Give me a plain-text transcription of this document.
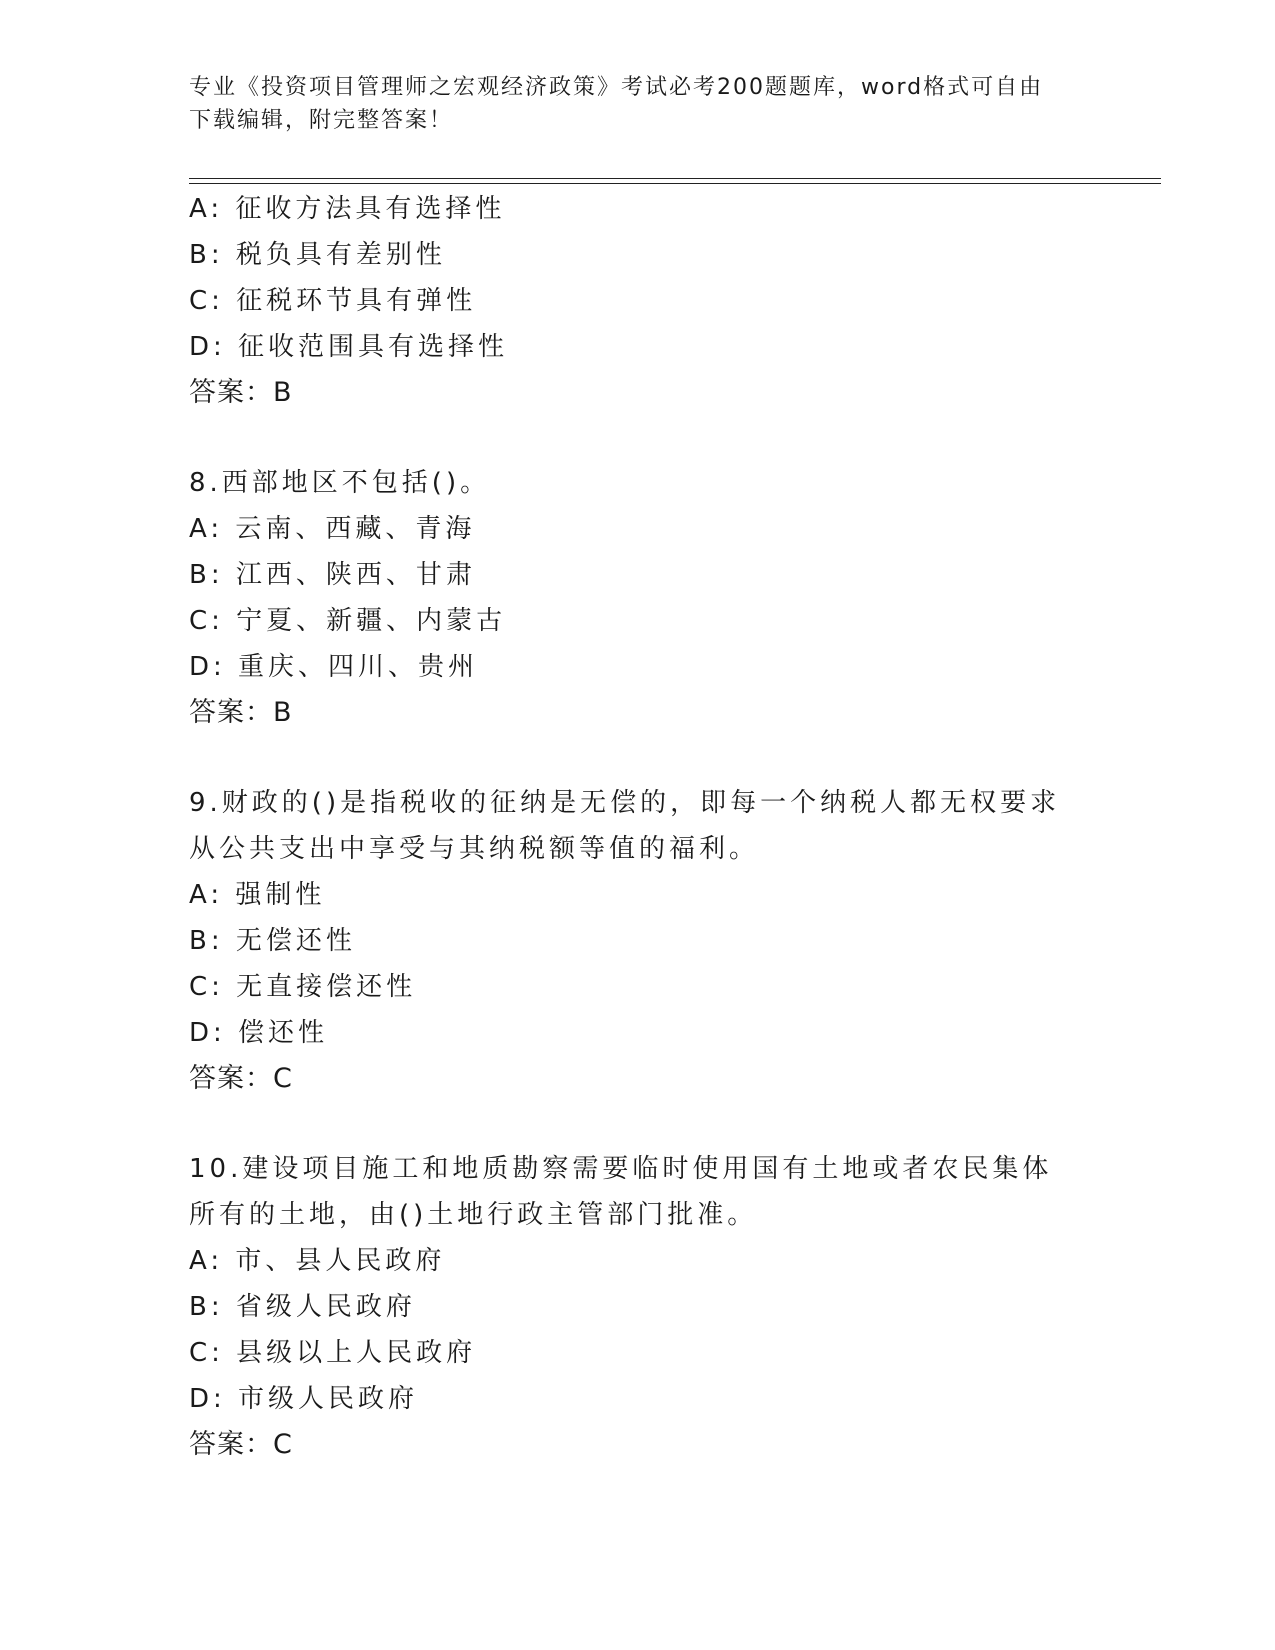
专业《投资项目管理师之宏观经济政策》考试必考200题题库，word格式可自由
下载编辑，附完整答案！
A: 征收方法具有选择性
B: 税负具有差别性
C: 征税环节具有弹性
D: 征收范围具有选择性
答案：B
8.西部地区不包括()。
A: 云南、西藏、青海
B: 江西、陕西、甘肃
C: 宁夏、新疆、内蒙古
D: 重庆、四川、贵州
答案：B
9.财政的()是指税收的征纳是无偿的，即每一个纳税人都无权要求从公共支出中享受与其纳税额等值的福利。
A: 强制性
B: 无偿还性
C: 无直接偿还性
D: 偿还性
答案：C
10.建设项目施工和地质勘察需要临时使用国有土地或者农民集体所有的土地，由()土地行政主管部门批准。
A: 市、县人民政府
B: 省级人民政府
C: 县级以上人民政府
D: 市级人民政府
答案：C
